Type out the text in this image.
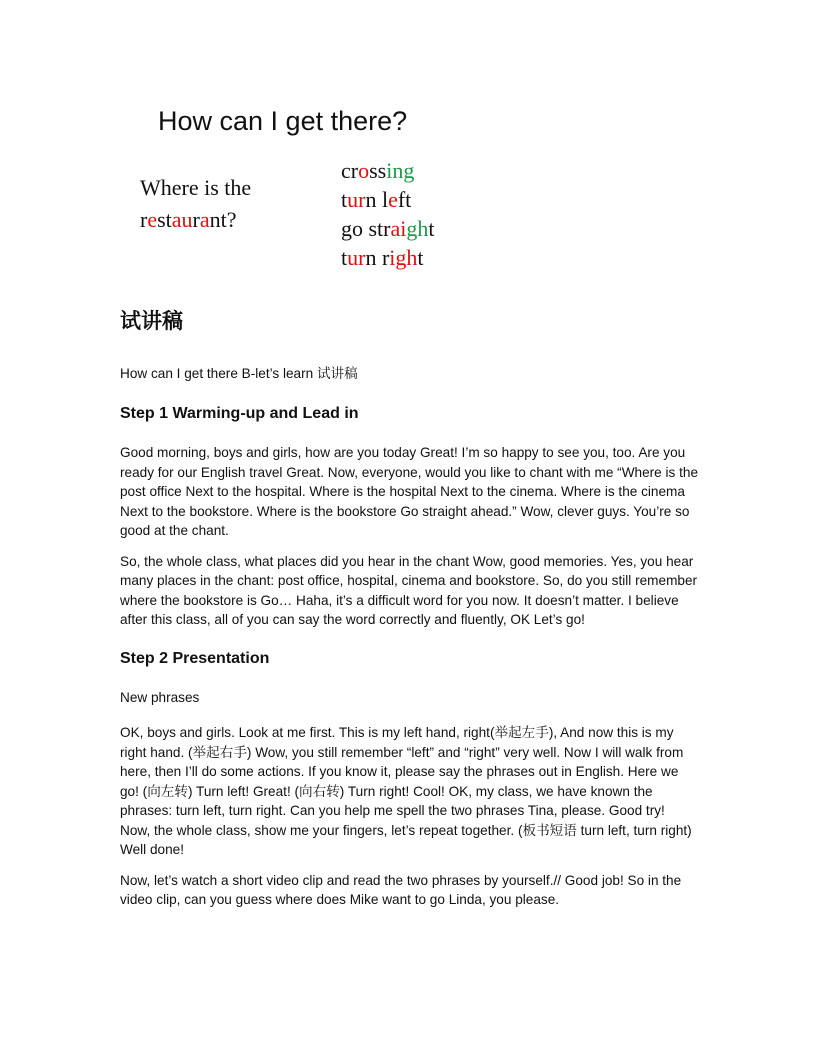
How can I get there?
Where is the
restaurant?
crossing
turn left
go straight
turn right
试讲稿

How can I get there B-let’s learn 试讲稿

Step 1 Warming-up and Lead in

Good morning, boys and girls, how are you today Great! I’m so happy to see you, too. Are you ready for our English travel Great. Now, everyone, would you like to chant with me “Where is the post office Next to the hospital. Where is the hospital Next to the cinema. Where is the cinema Next to the bookstore. Where is the bookstore Go straight ahead.” Wow, clever guys. You’re so good at the chant.

So, the whole class, what places did you hear in the chant Wow, good memories. Yes, you hear many places in the chant: post office, hospital, cinema and bookstore. So, do you still remember where the bookstore is Go… Haha, it’s a difficult word for you now. It doesn’t matter. I believe after this class, all of you can say the word correctly and fluently, OK Let’s go!

Step 2 Presentation

New phrases

OK, boys and girls. Look at me first. This is my left hand, right(举起左手), And now this is my right hand. (举起右手) Wow, you still remember “left” and “right” very well. Now I will walk from here, then I’ll do some actions. If you know it, please say the phrases out in English. Here we go! (向左转) Turn left! Great! (向右转) Turn right! Cool! OK, my class, we have known the phrases: turn left, turn right. Can you help me spell the two phrases Tina, please. Good try! Now, the whole class, show me your fingers, let’s repeat together. (板书短语 turn left, turn right) Well done!

Now, let’s watch a short video clip and read the two phrases by yourself.// Good job! So in the video clip, can you guess where does Mike want to go Linda, you please.
